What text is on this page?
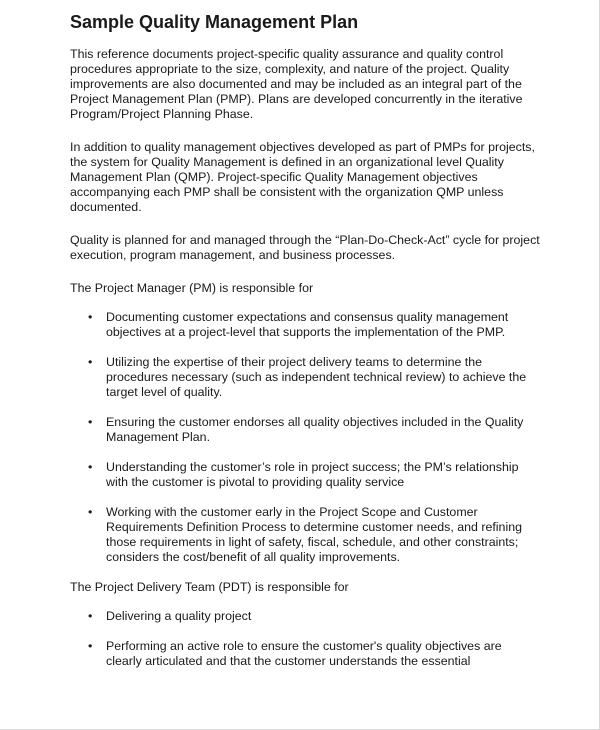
Sample Quality Management Plan

This reference documents project-specific quality assurance and quality control procedures appropriate to the size, complexity, and nature of the project. Quality improvements are also documented and may be included as an integral part of the Project Management Plan (PMP). Plans are developed concurrently in the iterative Program/Project Planning Phase.

In addition to quality management objectives developed as part of PMPs for projects, the system for Quality Management is defined in an organizational level Quality Management Plan (QMP). Project-specific Quality Management objectives accompanying each PMP shall be consistent with the organization QMP unless documented.

Quality is planned for and managed through the “Plan-Do-Check-Act” cycle for project execution, program management, and business processes.

The Project Manager (PM) is responsible for

• Documenting customer expectations and consensus quality management objectives at a project-level that supports the implementation of the PMP.
• Utilizing the expertise of their project delivery teams to determine the procedures necessary (such as independent technical review) to achieve the target level of quality.
• Ensuring the customer endorses all quality objectives included in the Quality Management Plan.
• Understanding the customer’s role in project success; the PM’s relationship with the customer is pivotal to providing quality service
• Working with the customer early in the Project Scope and Customer Requirements Definition Process to determine customer needs, and refining those requirements in light of safety, fiscal, schedule, and other constraints; considers the cost/benefit of all quality improvements.

The Project Delivery Team (PDT) is responsible for

• Delivering a quality project
• Performing an active role to ensure the customer's quality objectives are clearly articulated and that the customer understands the essential
